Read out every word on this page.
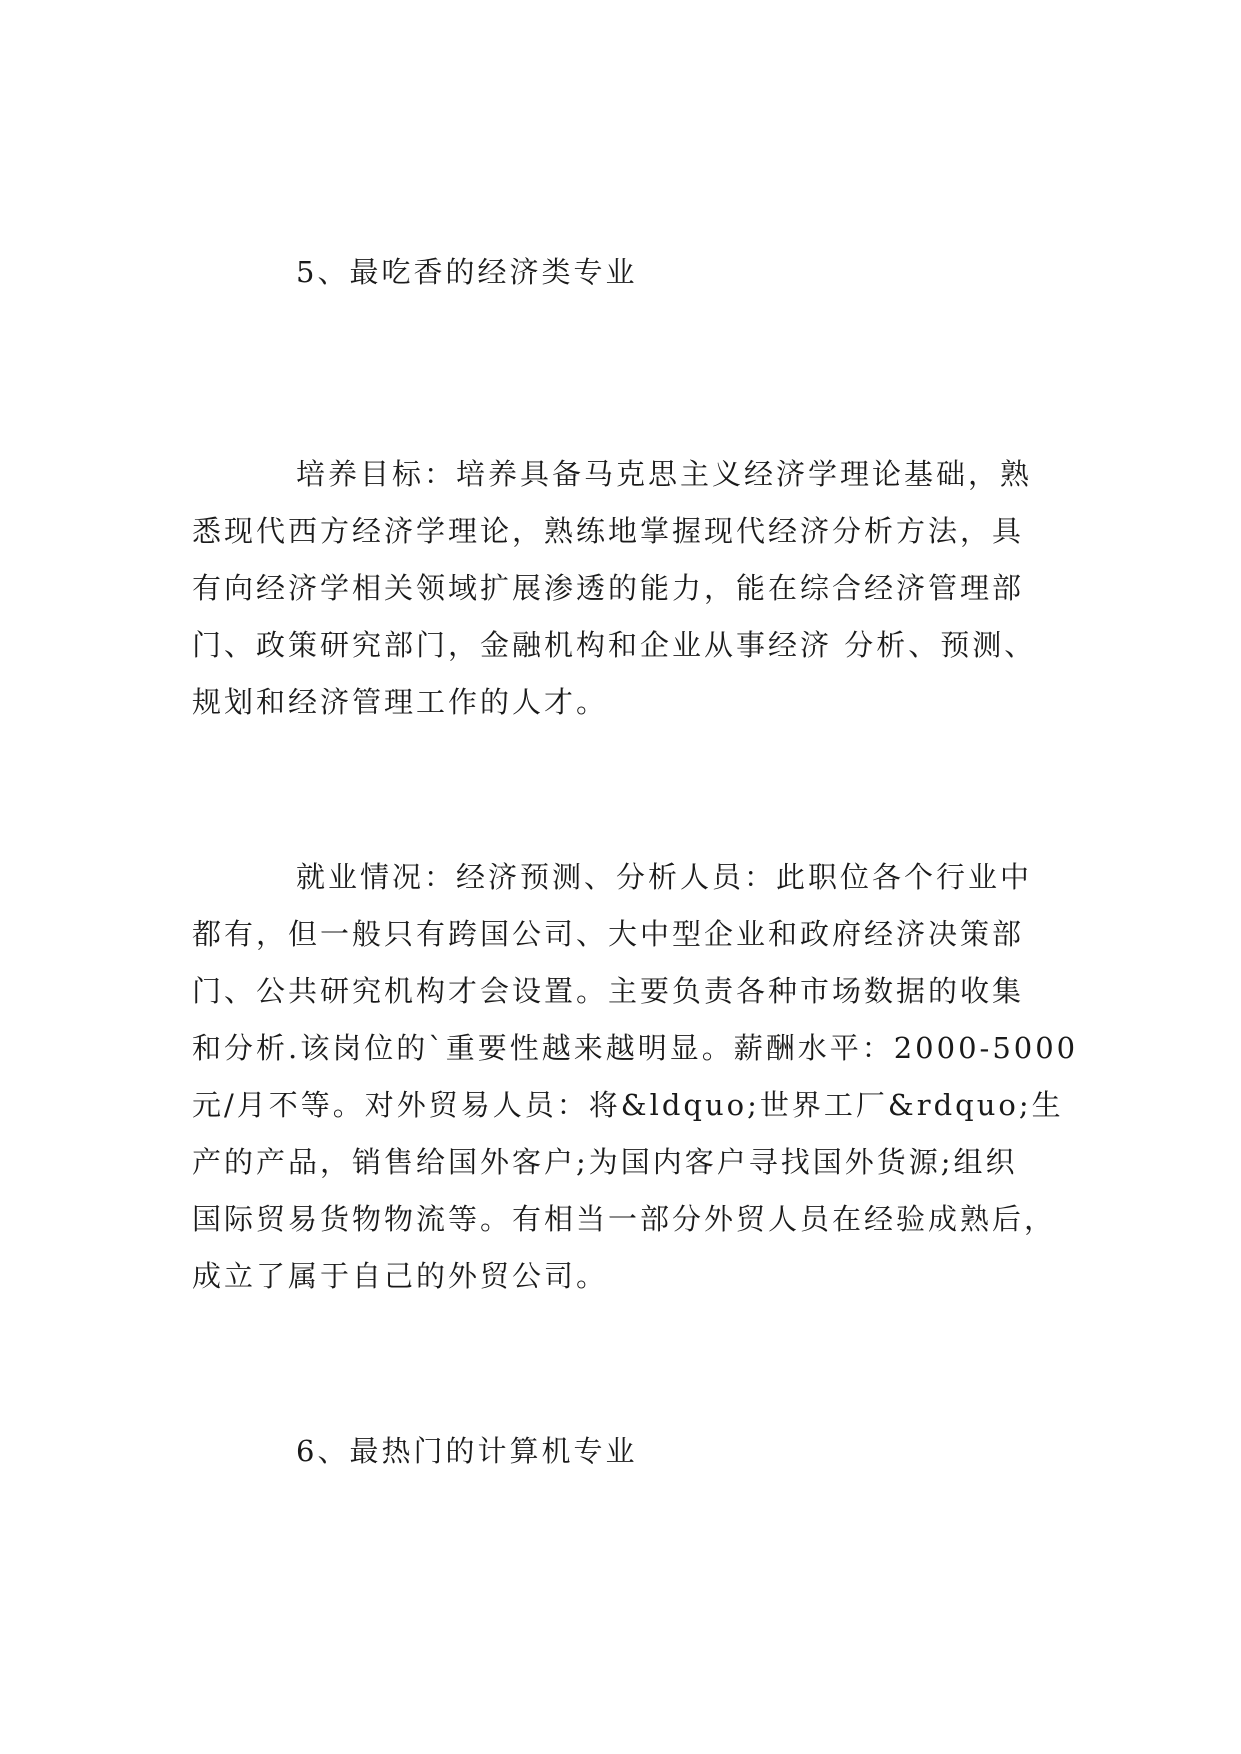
5、最吃香的经济类专业
培养目标：培养具备马克思主义经济学理论基础，熟
悉现代西方经济学理论，熟练地掌握现代经济分析方法，具
有向经济学相关领域扩展渗透的能力，能在综合经济管理部
门、政策研究部门，金融机构和企业从事经济 分析、预测、
规划和经济管理工作的人才。
就业情况：经济预测、分析人员：此职位各个行业中
都有，但一般只有跨国公司、大中型企业和政府经济决策部
门、公共研究机构才会设置。主要负责各种市场数据的收集
和分析.该岗位的`重要性越来越明显。薪酬水平：2000-5000
元/月不等。对外贸易人员：将&ldquo;世界工厂&rdquo;生
产的产品，销售给国外客户;为国内客户寻找国外货源;组织
国际贸易货物物流等。有相当一部分外贸人员在经验成熟后，
成立了属于自己的外贸公司。
6、最热门的计算机专业
